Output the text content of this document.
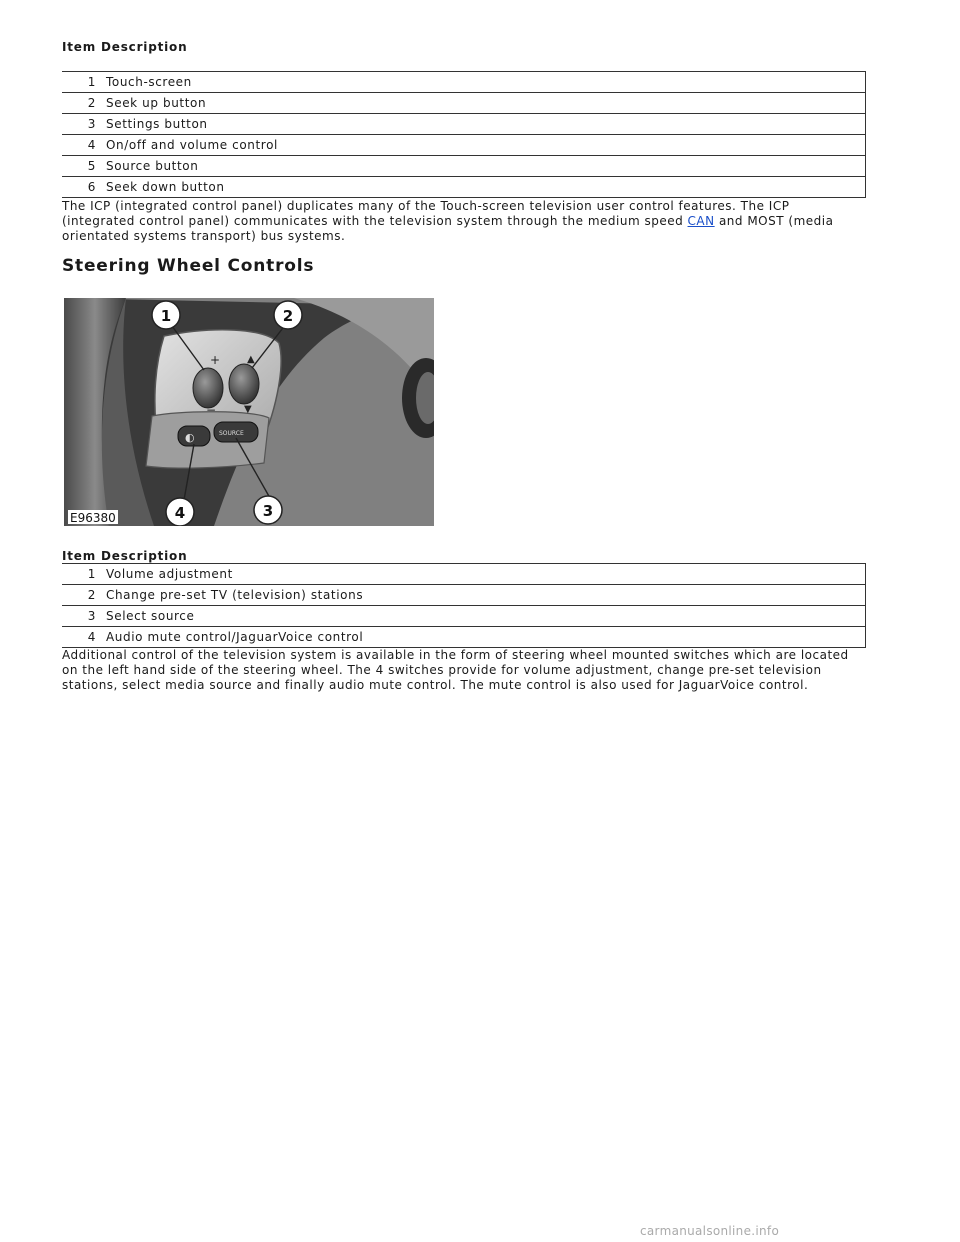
Item Description
1	Touch-screen
2	Seek up button
3	Settings button
4	On/off and volume control
5	Source button
6	Seek down button
The ICP (integrated control panel) duplicates many of the Touch-screen television user control features. The ICP (integrated control panel) communicates with the television system through the medium speed CAN and MOST (media orientated systems transport) bus systems.
Steering Wheel Controls
+
−
▲
▼
◐	SOURCE
1	2
3
4
E96380
Item Description
1	Volume adjustment
2	Change pre-set TV (television) stations
3	Select source
4	Audio mute control/JaguarVoice control
Additional control of the television system is available in the form of steering wheel mounted switches which are located on the left hand side of the steering wheel. The 4 switches provide for volume adjustment, change pre-set television stations, select media source and finally audio mute control. The mute control is also used for JaguarVoice control.
carmanualsonline.info
